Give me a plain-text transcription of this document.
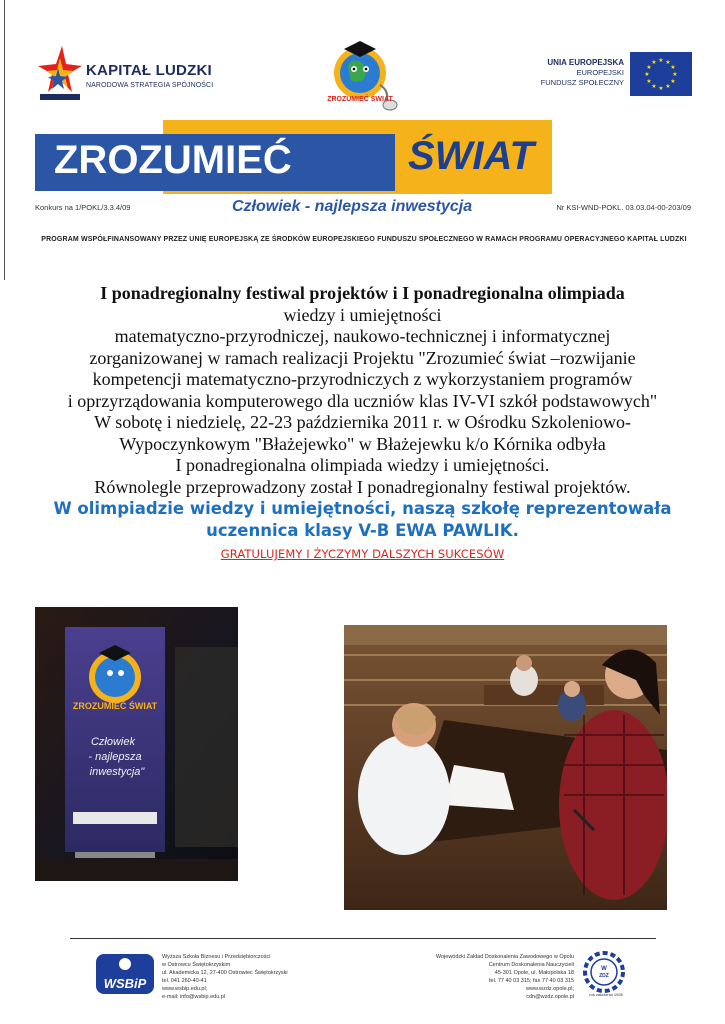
KAPITAŁ LUDZKI
NARODOWA STRATEGIA SPÓJNOŚCI
ZROZUMIEĆ ŚWIAT
UNIA EUROPEJSKA
EUROPEJSKI
FUNDUSZ SPOŁECZNY
★ ★
★
★
★
★
★
★
★
★
★
★
ZROZUMIEĆ	ŚWIAT
Konkurs na 1/POKL/3.3.4/09	Człowiek - najlepsza inwestycja	Nr KSI-WND-POKL. 03.03.04-00-203/09
PROGRAM WSPÓŁFINANSOWANY PRZEZ UNIĘ EUROPEJSKĄ ZE ŚRODKÓW EUROPEJSKIEGO FUNDUSZU SPOŁECZNEGO W RAMACH PROGRAMU OPERACYJNEGO KAPITAŁ LUDZKI
I ponadregionalny festiwal projektów i I ponadregionalna olimpiada
wiedzy i umiejętności
matematyczno-przyrodniczej, naukowo-technicznej i informatycznej
zorganizowanej w ramach realizacji Projektu "Zrozumieć świat –rozwijanie
kompetencji matematyczno-przyrodniczych z wykorzystaniem programów
i oprzyrządowania komputerowego dla uczniów klas IV-VI szkół podstawowych"
W sobotę i niedzielę, 22-23 października 2011 r. w Ośrodku Szkoleniowo-
Wypoczynkowym "Błażejewko" w Błażejewku k/o Kórnika odbyła
I ponadregionalna olimpiada wiedzy i umiejętności.
Równolegle przeprowadzony został I ponadregionalny festiwal projektów.
W olimpiadzie wiedzy i umiejętności, naszą szkołę reprezentowała
uczennica klasy V-B EWA PAWLIK.
GRATULUJEMY I ŻYCZYMY DALSZYCH SUKCESÓW
ZROZUMIEĆ ŚWIAT
Człowiek
- najlepsza
inwestycja"
WSBiP
Wyższa Szkoła Biznesu i Przedsiębiorczości
w Ostrowcu Świętokrzyskim
ul. Akademicka 12, 27-400 Ostrowiec Świętokrzyski
tel. 041 260-40-41
www.wsbip.edu.pl;
e-mail: info@wsbip.edu.pl
Wojewódzki Zakład Doskonalenia Zawodowego w Opolu
Centrum Doskonalenia Nauczycieli
45-301 Opole, ul. Małopolska 18
tel. 77 40 03 315; fax 77 40 03 315
www.wzdz.opole.pl;
cdn@wzdz.opole.pl
W
ZDZ
rok założenia 1928
